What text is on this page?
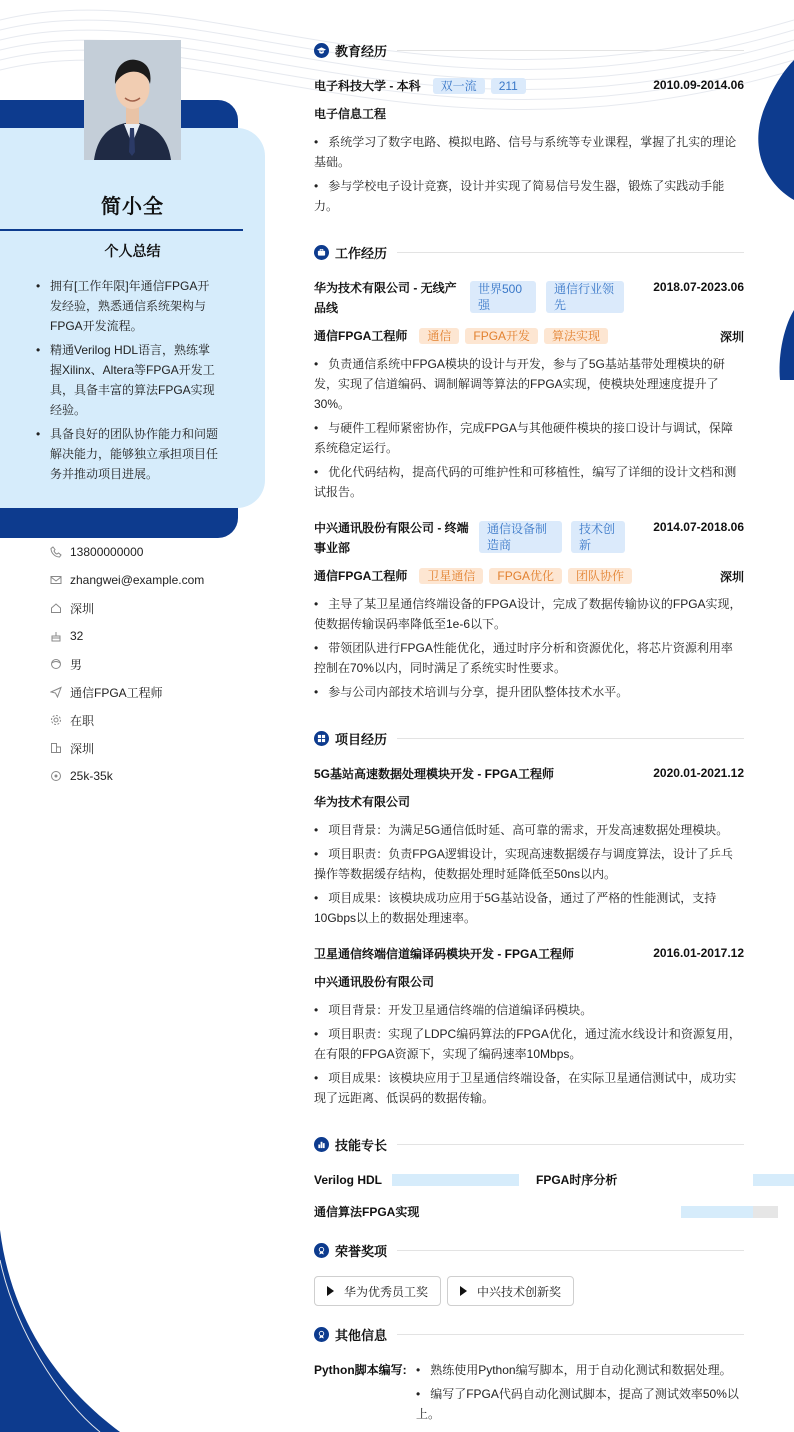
简小全
个人总结
• 拥有[工作年限]年通信FPGA开发经验，熟悉通信系统架构与FPGA开发流程。
• 精通Verilog HDL语言，熟练掌握Xilinx、Altera等FPGA开发工具，具备丰富的算法FPGA实现经验。
• 具备良好的团队协作能力和问题解决能力，能够独立承担项目任务并推动项目进展。
13800000000
zhangwei@example.com
深圳
32
男
通信FPGA工程师
在职
深圳
25k-35k
教育经历
电子科技大学 - 本科	双一流 211	2010.09-2014.06
电子信息工程
• 系统学习了数字电路、模拟电路、信号与系统等专业课程，掌握了扎实的理论基础。
• 参与学校电子设计竞赛，设计并实现了简易信号发生器，锻炼了实践动手能力。
工作经历
华为技术有限公司 - 无线产
品线
世界500
强
通信行业领
先
2018.07-2023.06
通信FPGA工程师	通信 FPGA开发 算法实现	深圳
• 负责通信系统中FPGA模块的设计与开发，参与了5G基站基带处理模块的研发，实现了信道编码、调制解调等算法的FPGA实现，使模块处理速度提升了30%。
• 与硬件工程师紧密协作，完成FPGA与其他硬件模块的接口设计与调试，保障系统稳定运行。
• 优化代码结构，提高代码的可维护性和可移植性，编写了详细的设计文档和测试报告。
中兴通讯股份有限公司 - 终端
事业部
通信设备制
造商
技术创
新
2014.07-2018.06
通信FPGA工程师	卫星通信 FPGA优化 团队协作	深圳
• 主导了某卫星通信终端设备的FPGA设计，完成了数据传输协议的FPGA实现，使数据传输误码率降低至1e-6以下。
• 带领团队进行FPGA性能优化，通过时序分析和资源优化，将芯片资源利用率控制在70%以内，同时满足了系统实时性要求。
• 参与公司内部技术培训与分享，提升团队整体技术水平。
项目经历
5G基站高速数据处理模块开发 - FPGA工程师	2020.01-2021.12
华为技术有限公司
• 项目背景：为满足5G通信低时延、高可靠的需求，开发高速数据处理模块。
• 项目职责：负责FPGA逻辑设计，实现高速数据缓存与调度算法，设计了乒乓操作等数据缓存结构，使数据处理时延降低至50ns以内。
• 项目成果：该模块成功应用于5G基站设备，通过了严格的性能测试，支持10Gbps以上的数据处理速率。
卫星通信终端信道编译码模块开发 - FPGA工程师	2016.01-2017.12
中兴通讯股份有限公司
• 项目背景：开发卫星通信终端的信道编译码模块。
• 项目职责：实现了LDPC编码算法的FPGA优化，通过流水线设计和资源复用，在有限的FPGA资源下，实现了编码速率10Mbps。
• 项目成果：该模块应用于卫星通信终端设备，在实际卫星通信测试中，成功实现了远距离、低误码的数据传输。
技能专长
Verilog HDL
	FPGA时序分析

通信算法FPGA实现
荣誉奖项
华为优秀员工奖	中兴技术创新奖
其他信息
Python脚本编写:
•	熟练使用Python编写脚本，用于自动化测试和数据处理。
• 编写了FPGA代码自动化测试脚本，提高了测试效率50%以上。
